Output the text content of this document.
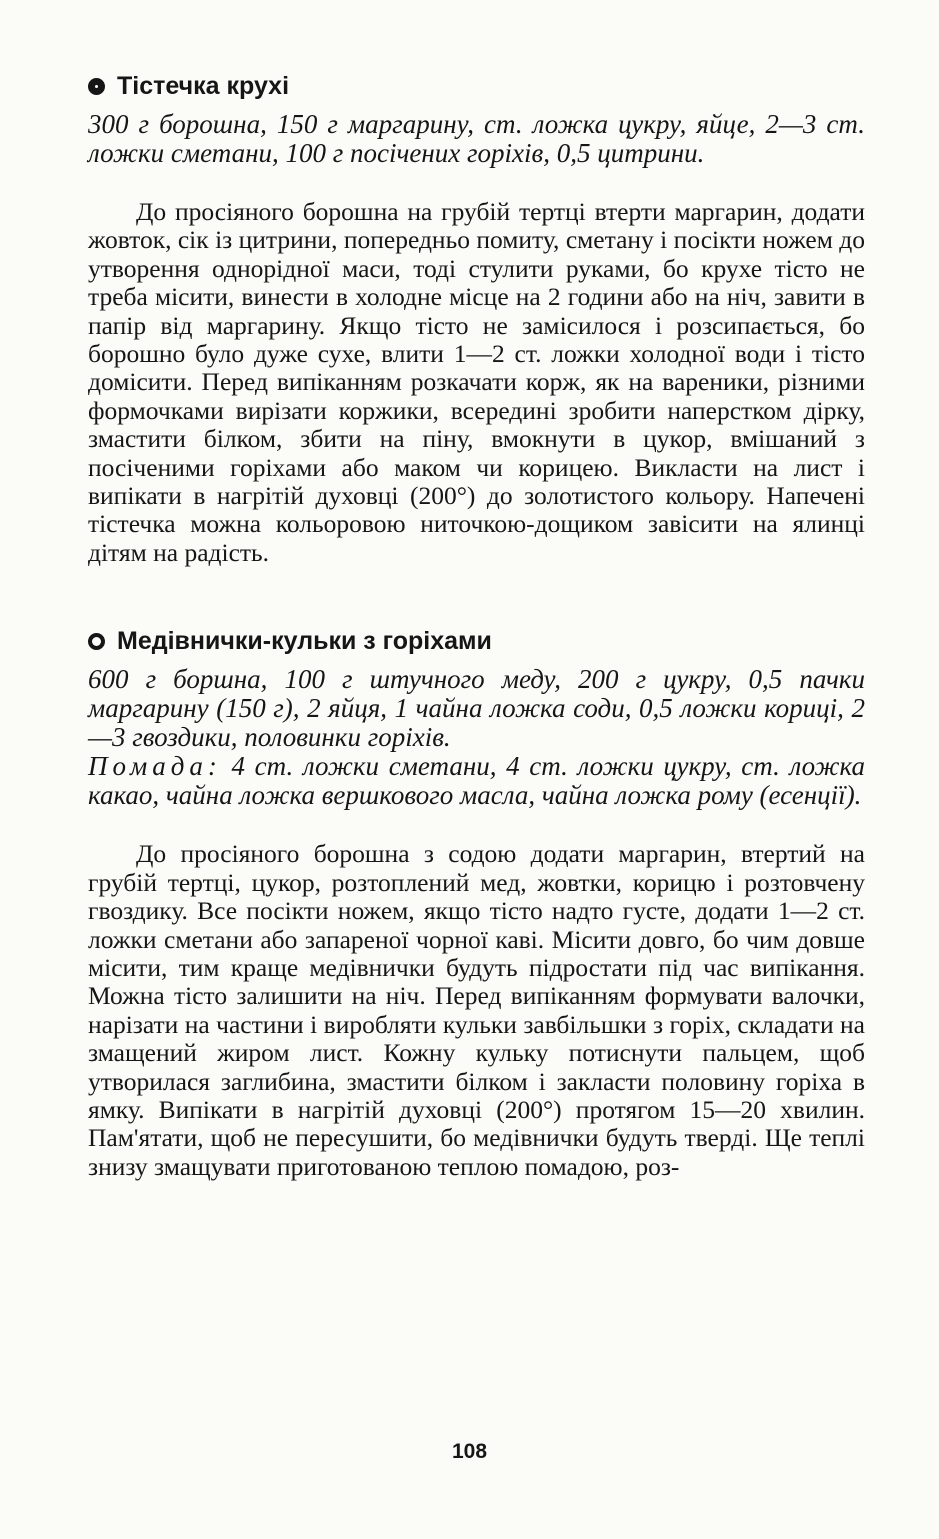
Тістечка крухі

300 г борошна, 150 г маргарину, ст. ложка цукру, яйце, 2—3 ст. ложки сметани, 100 г посічених горіхів, 0,5 цитрини.

До просіяного борошна на грубій тертці втерти маргарин, додати жовток, сік із цитрини, попередньо помиту, сметану і посікти ножем до утворення однорідної маси, тоді стулити руками, бо крухе тісто не треба місити, винести в холодне місце на 2 години або на ніч, завити в папір від маргарину. Якщо тісто не замісилося і розсипається, бо борошно було дуже сухе, влити 1—2 ст. ложки холодної води і тісто домісити. Перед випіканням розкачати корж, як на вареники, різними формочками вирізати коржики, всередині зробити наперстком дірку, змастити білком, збити на піну, вмокнути в цукор, вмішаний з посіченими горіхами або маком чи корицею. Викласти на лист і випікати в нагрітій духовці (200°) до золотистого кольору. Напечені тістечка можна кольоровою ниточкою-дощиком завісити на ялинці дітям на радість.

Медівнички-кульки з горіхами

600 г боршна, 100 г штучного меду, 200 г цукру, 0,5 пачки маргарину (150 г), 2 яйця, 1 чайна ложка соди, 0,5 ложки кориці, 2—3 гвоздики, половинки горіхів.
Помада: 4 ст. ложки сметани, 4 ст. ложки цукру, ст. ложка какао, чайна ложка вершкового масла, чайна ложка рому (есенції).

До просіяного борошна з содою додати маргарин, втертий на грубій тертці, цукор, розтоплений мед, жовтки, корицю і розтовчену гвоздику. Все посікти ножем, якщо тісто надто густе, додати 1—2 ст. ложки сметани або запареної чорної каві. Місити довго, бо чим довше місити, тим краще медівнички будуть підростати під час випікання. Можна тісто залишити на ніч. Перед випіканням формувати валочки, нарізати на частини і виробляти кульки завбільшки з горіх, складати на змащений жиром лист. Кожну кульку потиснути пальцем, щоб утворилася заглибина, змастити білком і закласти половину горіха в ямку. Випікати в нагрітій духовці (200°) протягом 15—20 хвилин. Пам'ятати, щоб не пересушити, бо медівнички будуть тверді. Ще теплі знизу змащувати приготованою теплою помадою, роз-

108
